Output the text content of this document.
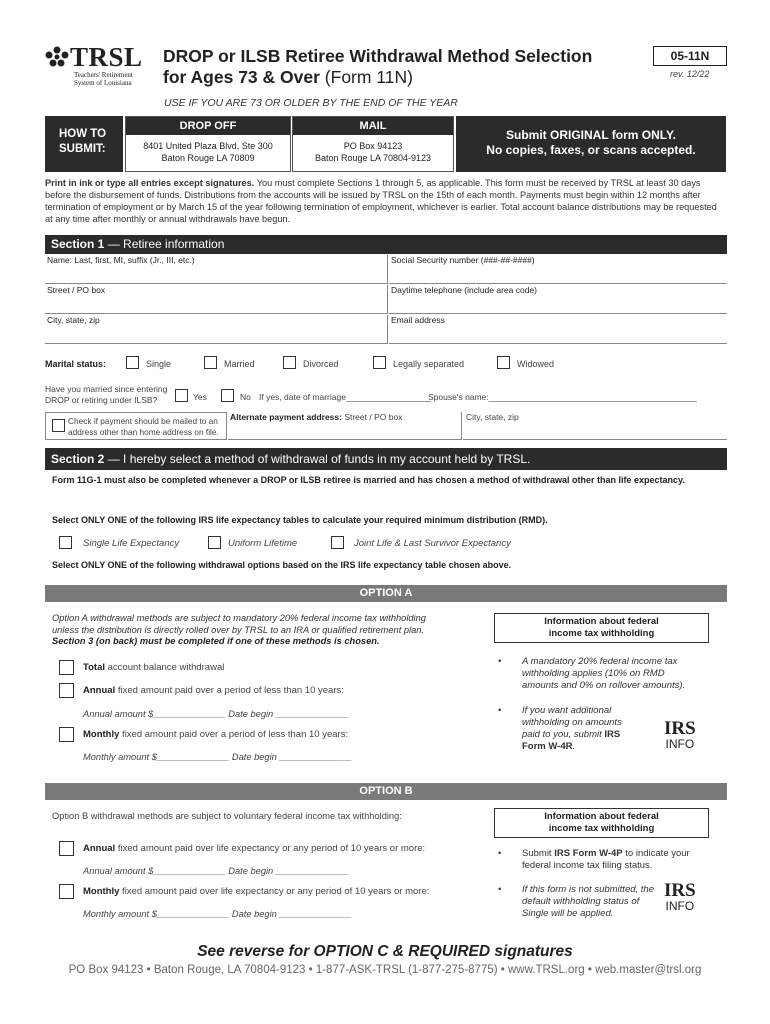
TRSL
Teachers' Retirement
System of Louisiana
DROP or ILSB Retiree Withdrawal Method Selection
for Ages 73 & Over (Form 11N)
05-11N
rev. 12/22
USE IF YOU ARE 73 OR OLDER BY THE END OF THE YEAR
HOW TO
SUBMIT:
DROP OFF
8401 United Plaza Blvd, Ste 300
Baton Rouge LA 70809
MAIL
PO Box 94123
Baton Rouge LA 70804-9123
Submit ORIGINAL form ONLY.
No copies, faxes, or scans accepted.
Print in ink or type all entries except signatures. You must complete Sections 1 through 5, as applicable. This form must be received by TRSL at least 30 days before the disbursement of funds. Distributions from the accounts will be issued by TRSL on the 15th of each month. Payments must begin within 12 months after termination of employment or by March 15 of the year following termination of employment, whichever is earlier. Total account balance distributions may be requested at any time after monthly or annual withdrawals have begun.
Section 1 — Retiree information
Name: Last, first, MI, suffix (Jr., III, etc.)	Social Security number (###-##-####)
Street / PO box	Daytime telephone (include area code)
City, state, zip	Email address
Marital status:	Single	Married	Divorced	Legally separated	Widowed
Have you married since entering DROP or retiring under ILSB?	Yes	No If yes, date of marriage__________________
Spouse's name:____________________________________________
Check if payment should be mailed to an address other than home address on file.
Alternate payment address: Street / PO box	City, state, zip
Section 2 — I hereby select a method of withdrawal of funds in my account held by TRSL.
Form 11G-1 must also be completed whenever a DROP or ILSB retiree is married and has chosen a method of withdrawal other than life expectancy.
Select ONLY ONE of the following IRS life expectancy tables to calculate your required minimum distribution (RMD).
Single Life Expectancy	Uniform Lifetime	Joint Life & Last Survivor Expectancy
Select ONLY ONE of the following withdrawal options based on the IRS life expectancy table chosen above.
OPTION A
Option A withdrawal methods are subject to mandatory 20% federal income tax withholding
unless the distribution is directly rolled over by TRSL to an IRA or qualified retirement plan.
Section 3 (on back) must be completed if one of these methods is chosen.
Total account balance withdrawal
Annual fixed amount paid over a period of less than 10 years:
Annual amount $______________ Date begin ______________
Monthly fixed amount paid over a period of less than 10 years:
Monthly amount $______________ Date begin ______________
Information about federal
income tax withholding
•	A mandatory 20% federal income tax withholding applies (10% on RMD amounts and 0% on rollover amounts).
•	If you want additional withholding on amounts paid to you, submit IRS Form W-4R.
IRS
INFO
OPTION B
Option B withdrawal methods are subject to voluntary federal income tax withholding:
Annual fixed amount paid over life expectancy or any period of 10 years or more:
Annual amount $______________ Date begin ______________
Monthly fixed amount paid over life expectancy or any period of 10 years or more:
Monthly amount $______________ Date begin ______________
Information about federal
income tax withholding
•	Submit IRS Form W-4P to indicate your federal income tax filing status.
•	If this form is not submitted, the default withholding status of Single will be applied.
IRS
INFO
See reverse for OPTION C & REQUIRED signatures
PO Box 94123 • Baton Rouge, LA 70804-9123 • 1-877-ASK-TRSL (1-877-275-8775) • www.TRSL.org • web.master@trsl.org
